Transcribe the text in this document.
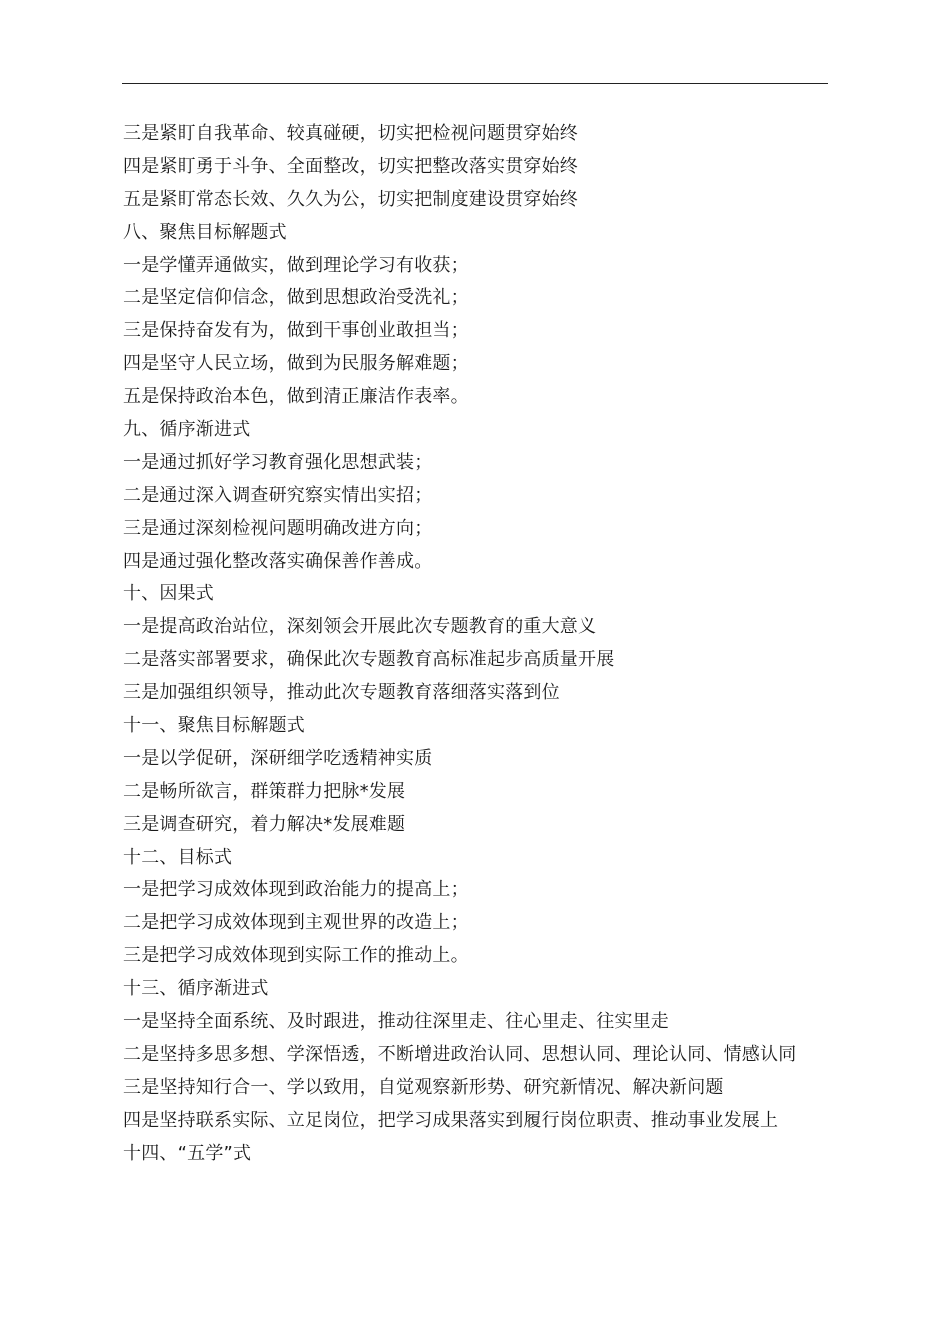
三是紧盯自我革命、较真碰硬，切实把检视问题贯穿始终
四是紧盯勇于斗争、全面整改，切实把整改落实贯穿始终
五是紧盯常态长效、久久为公，切实把制度建设贯穿始终
八、聚焦目标解题式
一是学懂弄通做实，做到理论学习有收获；
二是坚定信仰信念，做到思想政治受洗礼；
三是保持奋发有为，做到干事创业敢担当；
四是坚守人民立场，做到为民服务解难题；
五是保持政治本色，做到清正廉洁作表率。
九、循序渐进式
一是通过抓好学习教育强化思想武装；
二是通过深入调查研究察实情出实招；
三是通过深刻检视问题明确改进方向；
四是通过强化整改落实确保善作善成。
十、因果式
一是提高政治站位，深刻领会开展此次专题教育的重大意义
二是落实部署要求，确保此次专题教育高标准起步高质量开展
三是加强组织领导，推动此次专题教育落细落实落到位
十一、聚焦目标解题式
一是以学促研，深研细学吃透精神实质
二是畅所欲言，群策群力把脉*发展
三是调查研究，着力解决*发展难题
十二、目标式
一是把学习成效体现到政治能力的提高上；
二是把学习成效体现到主观世界的改造上；
三是把学习成效体现到实际工作的推动上。
十三、循序渐进式
一是坚持全面系统、及时跟进，推动往深里走、往心里走、往实里走
二是坚持多思多想、学深悟透，不断增进政治认同、思想认同、理论认同、情感认同
三是坚持知行合一、学以致用，自觉观察新形势、研究新情况、解决新问题
四是坚持联系实际、立足岗位，把学习成果落实到履行岗位职责、推动事业发展上
十四、“五学”式
